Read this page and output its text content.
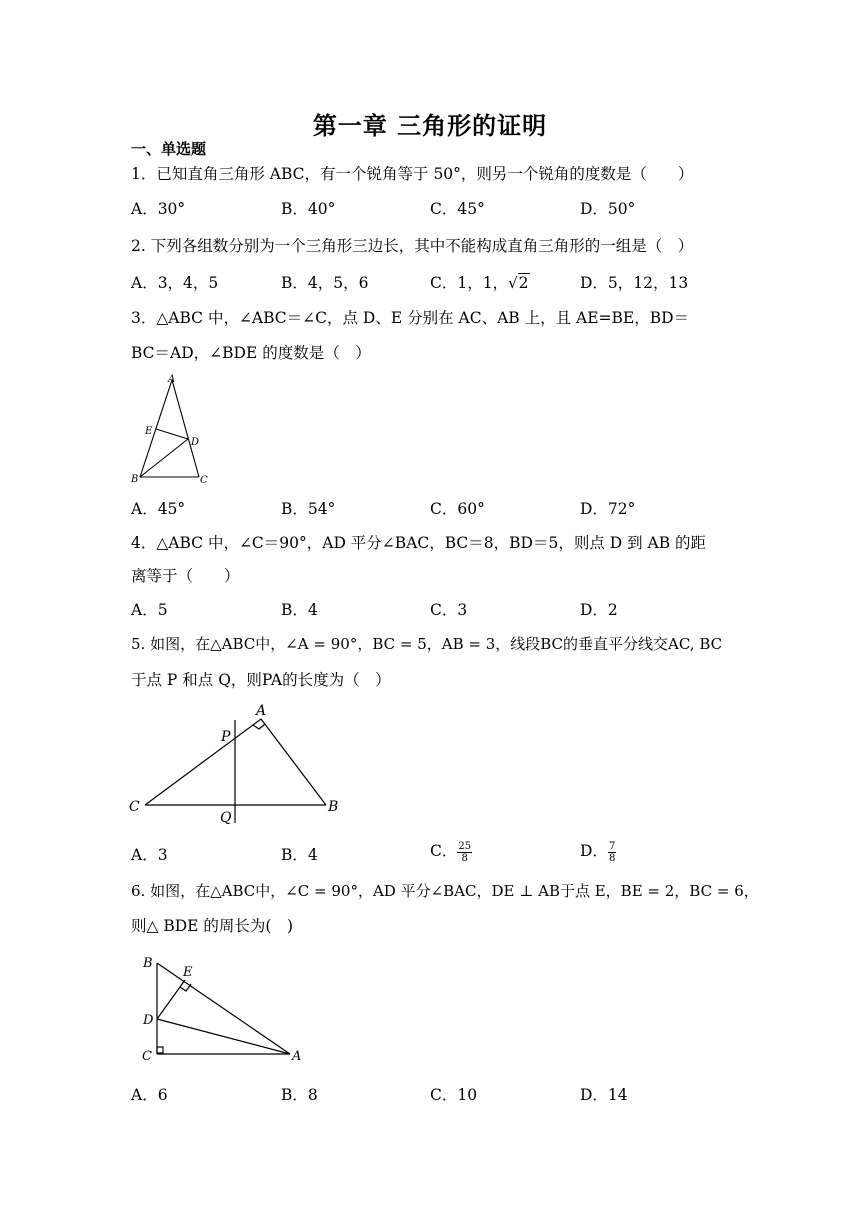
第一章 三角形的证明
一、单选题
1．已知直角三角形 ABC，有一个锐角等于 50°，则另一个锐角的度数是（　　）
A．30°	B．40°	C．45°	D．50°
2. 下列各组数分别为一个三角形三边长，其中不能构成直角三角形的一组是（　）
A．3，4，5	B．4，5，6	C．1，1，√2	D．5，12，13
3．△ABC 中，∠ABC＝∠C，点 D、E 分别在 AC、AB 上，且 AE=BE，BD＝
BC＝AD，∠BDE 的度数是（　）
A
E
D
B	C
A．45°	B．54°	C．60°	D．72°
4．△ABC 中，∠C＝90°，AD 平分∠BAC，BC＝8，BD＝5，则点 D 到 AB 的距
离等于（　　）
A．5	B．4	C．3	D．2
5. 如图，在△ABC中，∠A = 90°，BC = 5，AB = 3，线段BC的垂直平分线交AC, BC
于点 P 和点 Q，则PA的长度为（　）
A
P
C
Q
B
A．3	B．4	C． $\frac{25}{8}$	D． $\frac{7}{8}$
6. 如图，在△ABC中，∠C = 90°，AD 平分∠BAC，DE ⊥ AB于点 E，BE = 2，BC = 6，
则△ BDE 的周长为(　)
B
E
D
C	A
A．6	B．8	C．10	D．14
